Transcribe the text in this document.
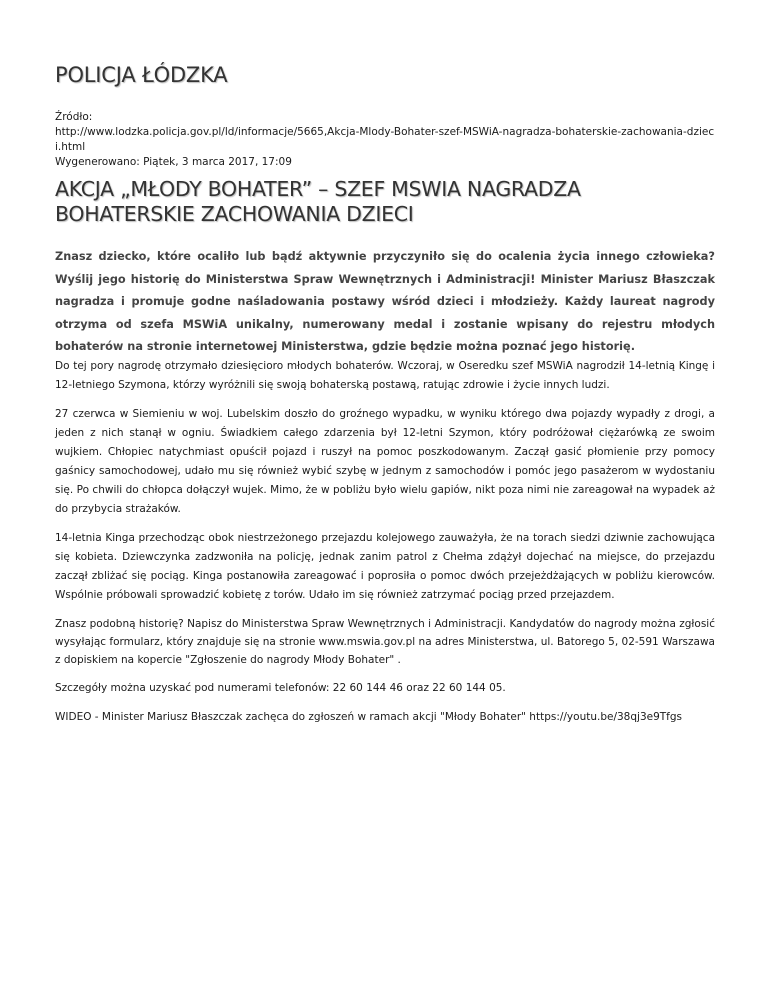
POLICJA ŁÓDZKA
Źródło:
http://www.lodzka.policja.gov.pl/ld/informacje/5665,Akcja-Mlody-Bohater-szef-MSWiA-nagradza-bohaterskie-zachowania-dzieci.html
Wygenerowano: Piątek, 3 marca 2017, 17:09
AKCJA „MŁODY BOHATER” – SZEF MSWIA NAGRADZA BOHATERSKIE ZACHOWANIA DZIECI

Znasz dziecko, które ocaliło lub bądź aktywnie przyczyniło się do ocalenia życia innego człowieka? Wyślij jego historię do Ministerstwa Spraw Wewnętrznych i Administracji! Minister Mariusz Błaszczak nagradza i promuje godne naśladowania postawy wśród dzieci i młodzieży. Każdy laureat nagrody otrzyma od szefa MSWiA unikalny, numerowany medal i zostanie wpisany do rejestru młodych bohaterów na stronie internetowej Ministerstwa, gdzie będzie można poznać jego historię.

Do tej pory nagrodę otrzymało dziesięcioro młodych bohaterów. Wczoraj, w Oseredku szef MSWiA nagrodził 14-letnią Kingę i 12-letniego Szymona, którzy wyróżnili się swoją bohaterską postawą, ratując zdrowie i życie innych ludzi.

27 czerwca w Siemieniu w woj. Lubelskim doszło do groźnego wypadku, w wyniku którego dwa pojazdy wypadły z drogi, a jeden z nich stanął w ogniu. Świadkiem całego zdarzenia był 12-letni Szymon, który podróżował ciężarówką ze swoim wujkiem. Chłopiec natychmiast opuścił pojazd i ruszył na pomoc poszkodowanym. Zaczął gasić płomienie przy pomocy gaśnicy samochodowej, udało mu się również wybić szybę w jednym z samochodów i pomóc jego pasażerom w wydostaniu się. Po chwili do chłopca dołączył wujek. Mimo, że w pobliżu było wielu gapiów, nikt poza nimi nie zareagował na wypadek aż do przybycia strażaków.

14-letnia Kinga przechodząc obok niestrzeżonego przejazdu kolejowego zauważyła, że na torach siedzi dziwnie zachowująca się kobieta. Dziewczynka zadzwoniła na policję, jednak zanim patrol z Chełma zdążył dojechać na miejsce, do przejazdu zaczął zbliżać się pociąg. Kinga postanowiła zareagować i poprosiła o pomoc dwóch przejeżdżających w pobliżu kierowców. Wspólnie próbowali sprowadzić kobietę z torów. Udało im się również zatrzymać pociąg przed przejazdem.

Znasz podobną historię? Napisz do Ministerstwa Spraw Wewnętrznych i Administracji. Kandydatów do nagrody można zgłosić wysyłając formularz, który znajduje się na stronie www.mswia.gov.pl na adres Ministerstwa, ul. Batorego 5, 02-591 Warszawa z dopiskiem na kopercie "Zgłoszenie do nagrody Młody Bohater" .

Szczegóły można uzyskać pod numerami telefonów: 22 60 144 46 oraz 22 60 144 05.

WIDEO - Minister Mariusz Błaszczak zachęca do zgłoszeń w ramach akcji "Młody Bohater" https://youtu.be/38qj3e9Tfgs
